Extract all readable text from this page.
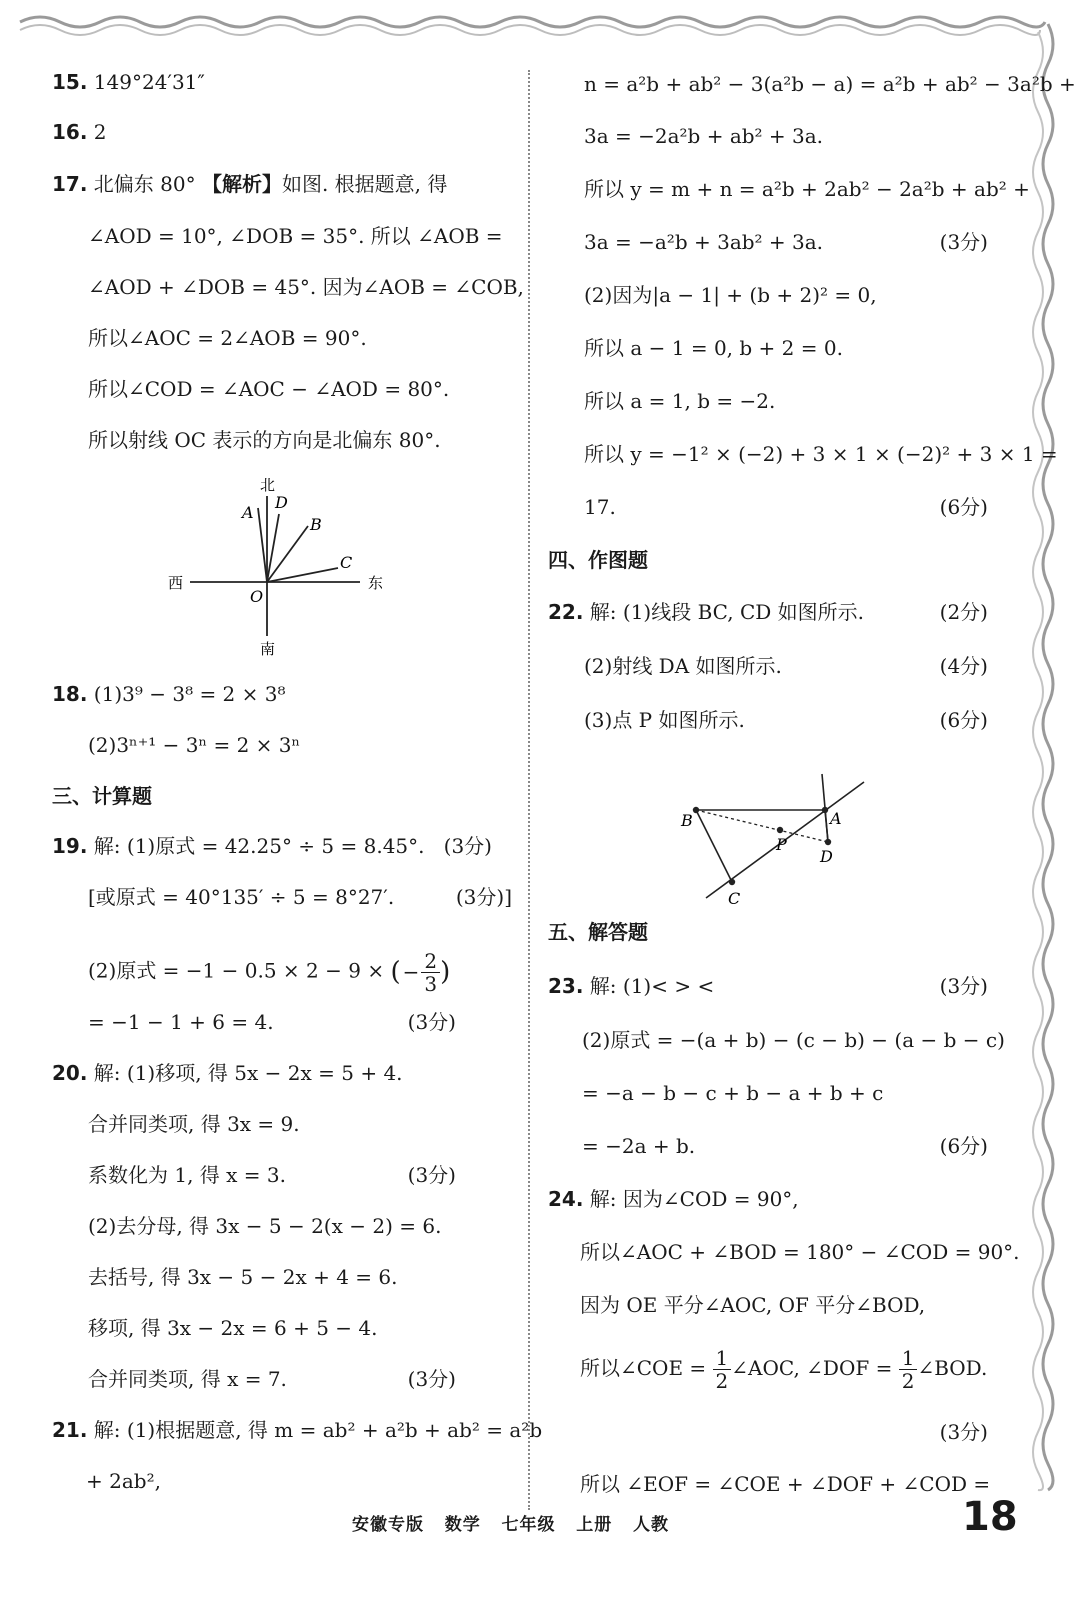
15. 149°24′31″
16. 2
17. 北偏东 80° 【解析】如图. 根据题意, 得
∠AOD = 10°, ∠DOB = 35°. 所以 ∠AOB =
∠AOD + ∠DOB = 45°. 因为∠AOB = ∠COB,
所以∠AOC = 2∠AOB = 90°.
所以∠COD = ∠AOC − ∠AOD = 80°.
所以射线 OC 表示的方向是北偏东 80°.
北
南
西	东
A
D
B
C
O
18. (1)3⁹ − 3⁸ = 2 × 3⁸
(2)3ⁿ⁺¹ − 3ⁿ = 2 × 3ⁿ
三、计算题
19. 解: (1)原式 = 42.25° ÷ 5 = 8.45°. (3分)
[或原式 = 40°135′ ÷ 5 = 8°27′.	(3分)]
(2)原式 = −1 − 0.5 × 2 − 9 × ( − $\frac{2}{3}$ )
= −1 − 1 + 6 = 4.	(3分)
20. 解: (1)移项, 得 5x − 2x = 5 + 4.
合并同类项, 得 3x = 9.
系数化为 1, 得 x = 3.	(3分)
(2)去分母, 得 3x − 5 − 2(x − 2) = 6.
去括号, 得 3x − 5 − 2x + 4 = 6.
移项, 得 3x − 2x = 6 + 5 − 4.
合并同类项, 得 x = 7.	(3分)
21. 解: (1)根据题意, 得 m = ab² + a²b + ab² = a²b
+ 2ab²,
n = a²b + ab² − 3(a²b − a) = a²b + ab² − 3a²b +
3a = −2a²b + ab² + 3a.
所以 y = m + n = a²b + 2ab² − 2a²b + ab² +
3a = −a²b + 3ab² + 3a.	(3分)
(2)因为|a − 1| + (b + 2)² = 0,
所以 a − 1 = 0, b + 2 = 0.
所以 a = 1, b = −2.
所以 y = −1² × (−2) + 3 × 1 × (−2)² + 3 × 1 =
17.	(6分)
四、作图题
22. 解: (1)线段 BC, CD 如图所示.	(2分)
(2)射线 DA 如图所示.	(4分)
(3)点 P 如图所示.	(6分)
B	A
P
D
C
五、解答题
23. 解: (1)< > <	(3分)
(2)原式 = −(a + b) − (c − b) − (a − b − c)
= −a − b − c + b − a + b + c
= −2a + b.	(6分)
24. 解: 因为∠COD = 90°,
所以∠AOC + ∠BOD = 180° − ∠COD = 90°.
因为 OE 平分∠AOC, OF 平分∠BOD,
所以∠COE = $\frac{1}{2}$ ∠AOC, ∠DOF = $\frac{1}{2}$ ∠BOD.
(3分)
所以 ∠EOF = ∠COE + ∠DOF + ∠COD =
安徽专版   数学   七年级   上册   人教	18
